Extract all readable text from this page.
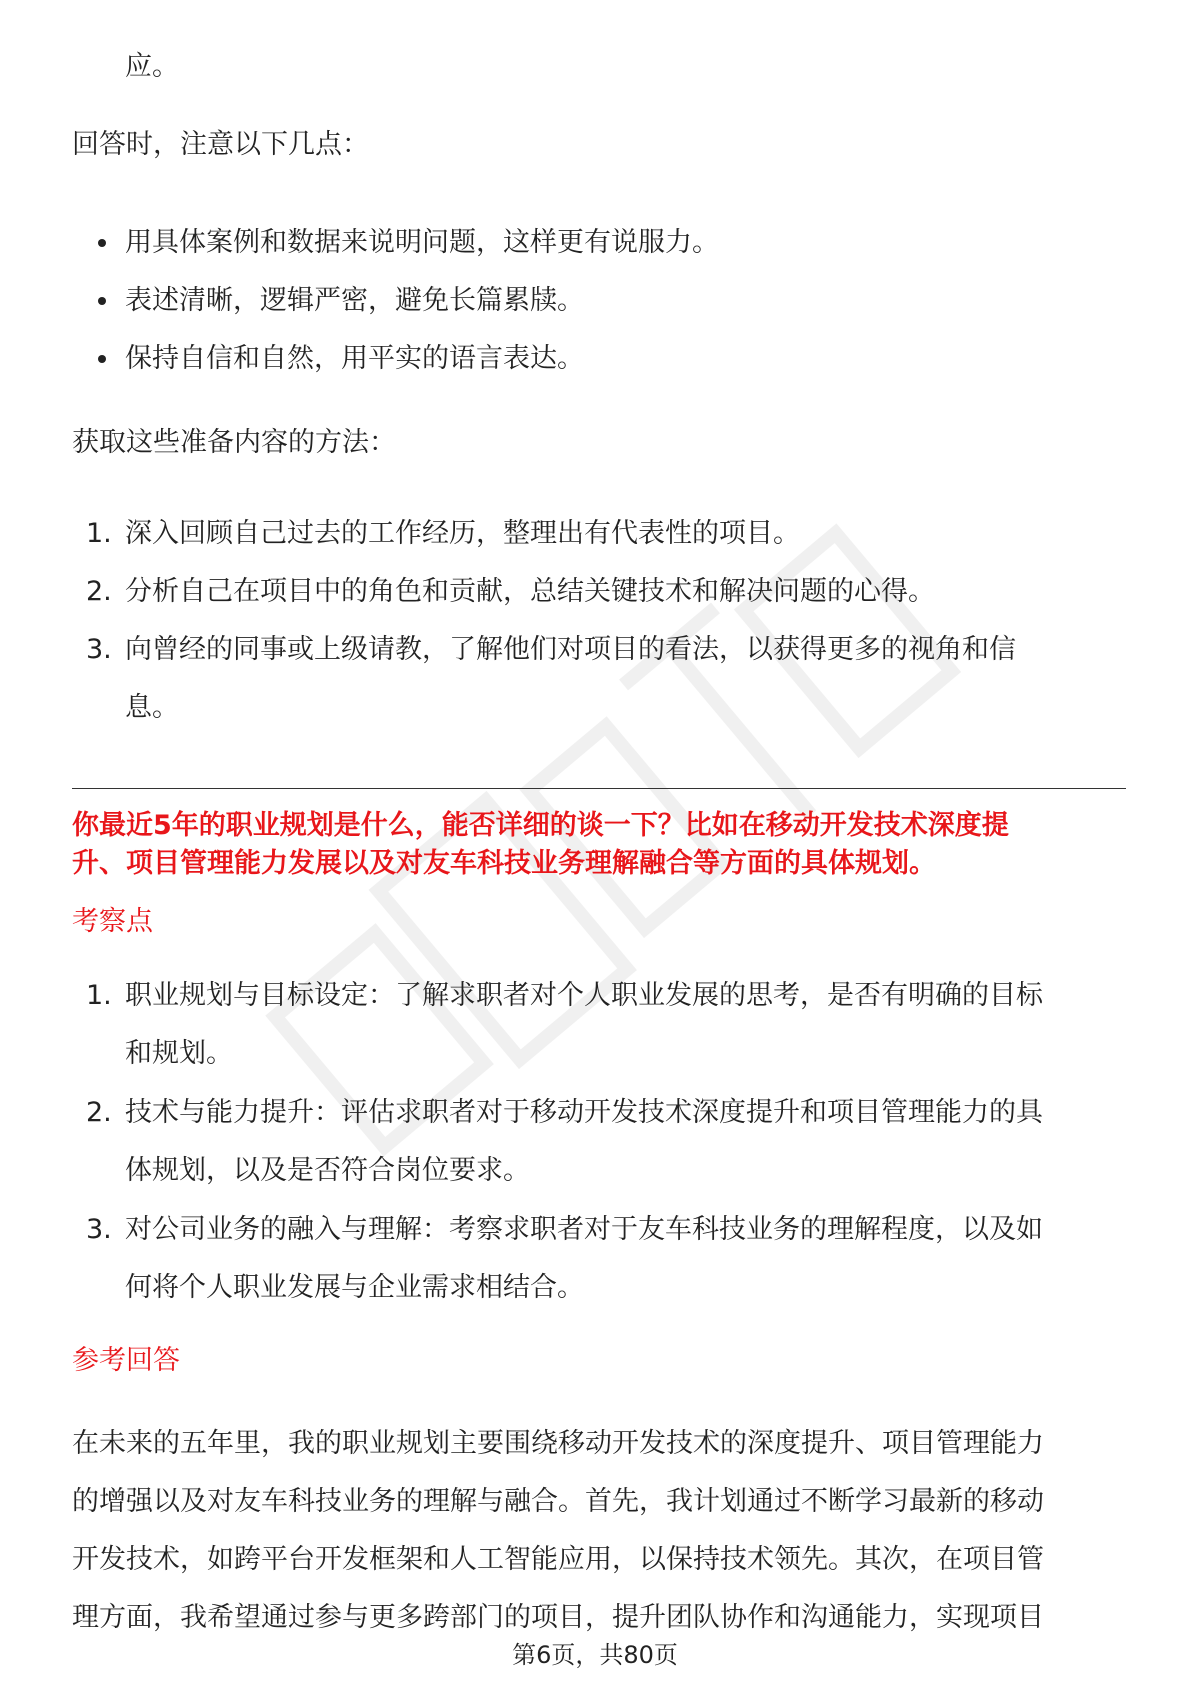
应。
回答时，注意以下几点：
用具体案例和数据来说明问题，这样更有说服力。
表述清晰，逻辑严密，避免长篇累牍。
保持自信和自然，用平实的语言表达。
获取这些准备内容的方法：
1. 深入回顾自己过去的工作经历，整理出有代表性的项目。
2. 分析自己在项目中的角色和贡献，总结关键技术和解决问题的心得。
3. 向曾经的同事或上级请教，了解他们对项目的看法，以获得更多的视角和信
息。
你最近5年的职业规划是什么，能否详细的谈一下？比如在移动开发技术深度提
升、项目管理能力发展以及对友车科技业务理解融合等方面的具体规划。
考察点
1. 职业规划与目标设定：了解求职者对个人职业发展的思考，是否有明确的目标
和规划。
2. 技术与能力提升：评估求职者对于移动开发技术深度提升和项目管理能力的具
体规划，以及是否符合岗位要求。
3. 对公司业务的融入与理解：考察求职者对于友车科技业务的理解程度，以及如
何将个人职业发展与企业需求相结合。
参考回答
在未来的五年里，我的职业规划主要围绕移动开发技术的深度提升、项目管理能力
的增强以及对友车科技业务的理解与融合。首先，我计划通过不断学习最新的移动
开发技术，如跨平台开发框架和人工智能应用，以保持技术领先。其次，在项目管
理方面，我希望通过参与更多跨部门的项目，提升团队协作和沟通能力，实现项目
第6页，共80页
